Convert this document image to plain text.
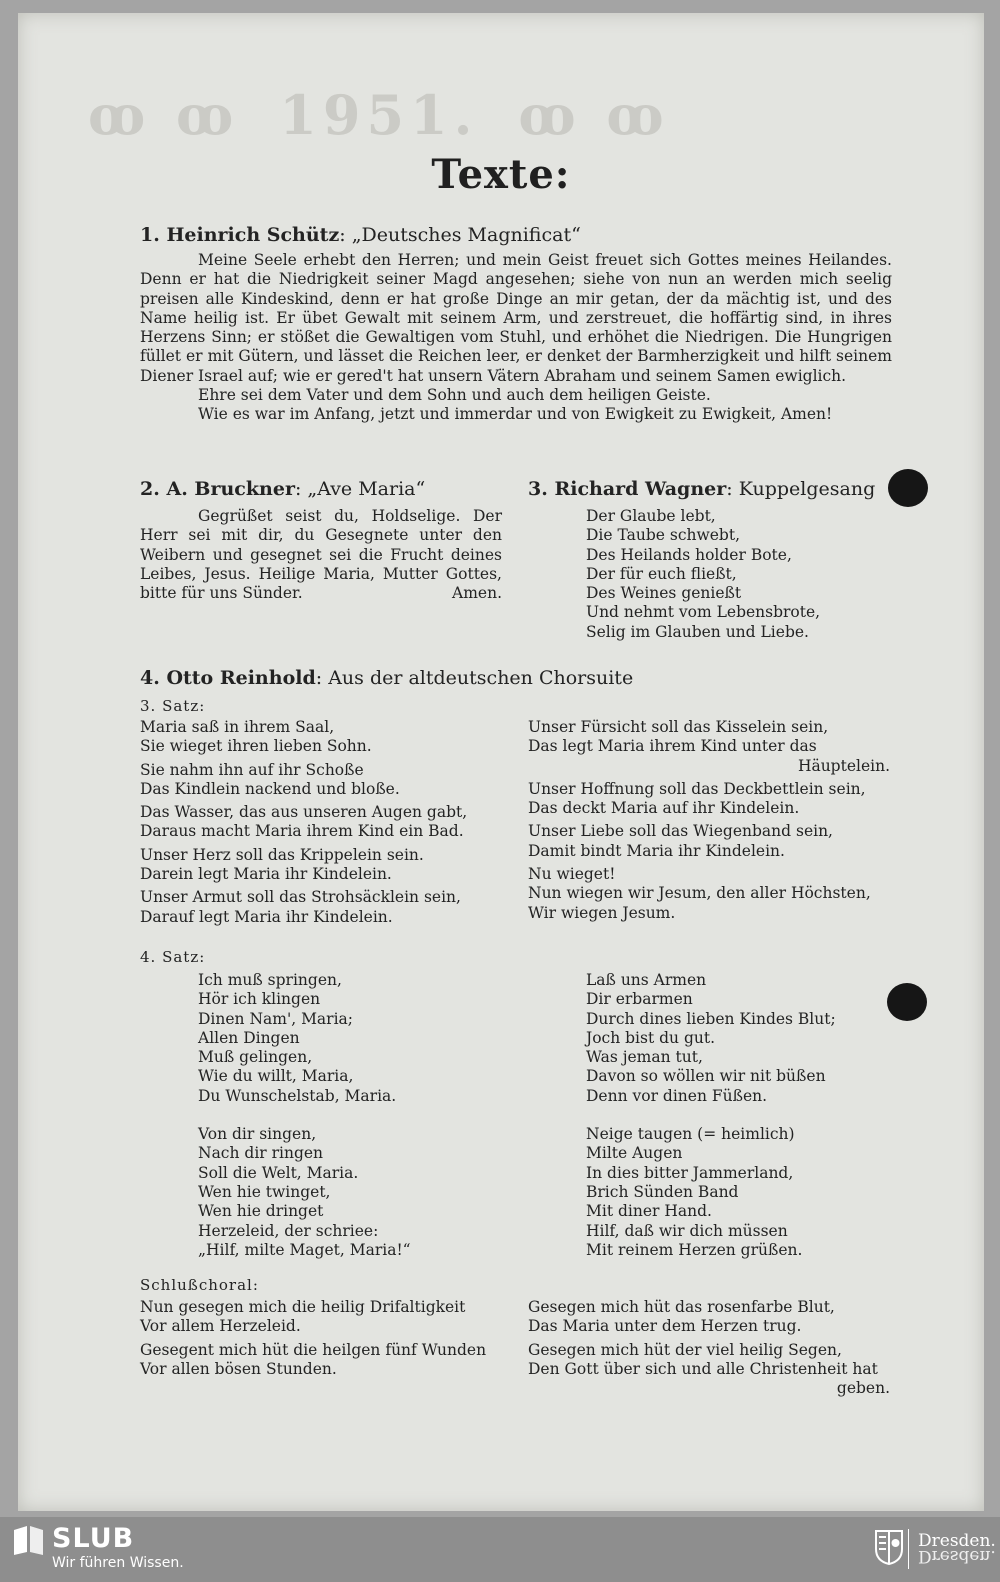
ꝏ ꝏ 1951. ꝏ ꝏ
Texte:
1. Heinrich Schütz: „Deutsches Magnificat“
Meine Seele erhebt den Herren; und mein Geist freuet sich Gottes meines Heilandes. Denn er hat die Niedrigkeit seiner Magd angesehen; siehe von nun an werden mich seelig preisen alle Kindeskind, denn er hat große Dinge an mir getan, der da mächtig ist, und des Name heilig ist. Er übet Gewalt mit seinem Arm, und zerstreuet, die hoffärtig sind, in ihres Herzens Sinn; er stößet die Gewaltigen vom Stuhl, und erhöhet die Niedrigen. Die Hungrigen füllet er mit Gütern, und lässet die Reichen leer, er denket der Barmherzigkeit und hilft seinem Diener Israel auf; wie er gered't hat unsern Vätern Abraham und seinem Samen ewiglich.
Ehre sei dem Vater und dem Sohn und auch dem heiligen Geiste.
Wie es war im Anfang, jetzt und immerdar und von Ewigkeit zu Ewigkeit, Amen!
2. A. Bruckner: „Ave Maria“
Gegrüßet seist du, Holdselige. Der Herr sei mit dir, du Gesegnete unter den Weibern und gesegnet sei die Frucht deines Leibes, Jesus. Heilige Maria, Mutter Gottes, bitte für uns Sünder.	Amen.
3. Richard Wagner: Kuppelgesang
Der Glaube lebt,
Die Taube schwebt,
Des Heilands holder Bote,
Der für euch fließt,
Des Weines genießt
Und nehmt vom Lebensbrote,
Selig im Glauben und Liebe.
4. Otto Reinhold: Aus der altdeutschen Chorsuite
3. Satz:
Maria saß in ihrem Saal,
Sie wieget ihren lieben Sohn.
Sie nahm ihn auf ihr Schoße
Das Kindlein nackend und bloße.
Das Wasser, das aus unseren Augen gabt,
Daraus macht Maria ihrem Kind ein Bad.
Unser Herz soll das Krippelein sein.
Darein legt Maria ihr Kindelein.
Unser Armut soll das Strohsäcklein sein,
Darauf legt Maria ihr Kindelein.
Unser Fürsicht soll das Kisselein sein,
Das legt Maria ihrem Kind unter das
Häuptelein.
Unser Hoffnung soll das Deckbettlein sein,
Das deckt Maria auf ihr Kindelein.
Unser Liebe soll das Wiegenband sein,
Damit bindt Maria ihr Kindelein.
Nu wieget!
Nun wiegen wir Jesum, den aller Höchsten,
Wir wiegen Jesum.
4. Satz:
Ich muß springen,
Hör ich klingen
Dinen Nam', Maria;
Allen Dingen
Muß gelingen,
Wie du willt, Maria,
Du Wunschelstab, Maria.
Von dir singen,
Nach dir ringen
Soll die Welt, Maria.
Wen hie twinget,
Wen hie dringet
Herzeleid, der schriee:
„Hilf, milte Maget, Maria!“
Laß uns Armen
Dir erbarmen
Durch dines lieben Kindes Blut;
Joch bist du gut.
Was jeman tut,
Davon so wöllen wir nit büßen
Denn vor dinen Füßen.
Neige taugen (= heimlich)
Milte Augen
In dies bitter Jammerland,
Brich Sünden Band
Mit diner Hand.
Hilf, daß wir dich müssen
Mit reinem Herzen grüßen.
Schlußchoral:
Nun gesegen mich die heilig Drifaltigkeit
Vor allem Herzeleid.
Gesegent mich hüt die heilgen fünf Wunden
Vor allen bösen Stunden.
Gesegen mich hüt das rosenfarbe Blut,
Das Maria unter dem Herzen trug.
Gesegen mich hüt der viel heilig Segen,
Den Gott über sich und alle Christenheit hat
geben.
SLUB
Wir führen Wissen.
Dresden.
Dresden.
